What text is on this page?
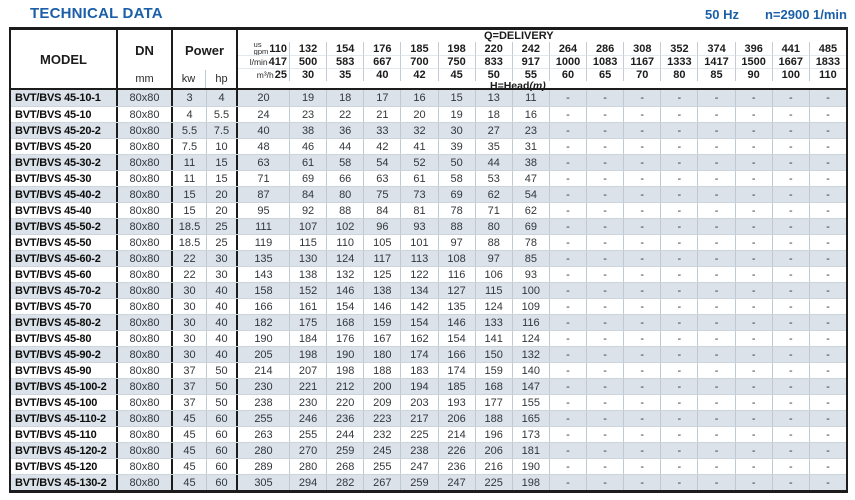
TECHNICAL DATA	50 Hz n=2900 1/min
MODEL
DN
mm
Power
kw	hp
Q=DELIVERY
us
gpm 110 132 154 176 185 198 220 242 264 286 308 352 374 396 441 485
l/min 417 500 583 667 700 750 833 917 1000 1083 1167 1333 1417 1500 1667 1833
m³/h 25 30 35 40 42 45 50 55 60 65 70 80 85 90 100 110
H=Head(m)
BVT/BVS 45-10-1	80x80	3	4	20	19	18	17	16	15	13	11	-	-	-	-	-	-	-	-
BVT/BVS 45-10	80x80	4	5.5	24	23	22	21	20	19	18	16	-	-	-	-	-	-	-	-
BVT/BVS 45-20-2	80x80	5.5	7.5	40	38	36	33	32	30	27	23	-	-	-	-	-	-	-	-
BVT/BVS 45-20	80x80	7.5	10	48	46	44	42	41	39	35	31	-	-	-	-	-	-	-	-
BVT/BVS 45-30-2	80x80	11	15	63	61	58	54	52	50	44	38	-	-	-	-	-	-	-	-
BVT/BVS 45-30	80x80	11	15	71	69	66	63	61	58	53	47	-	-	-	-	-	-	-	-
BVT/BVS 45-40-2	80x80	15	20	87	84	80	75	73	69	62	54	-	-	-	-	-	-	-	-
BVT/BVS 45-40	80x80	15	20	95	92	88	84	81	78	71	62	-	-	-	-	-	-	-	-
BVT/BVS 45-50-2	80x80	18.5	25	111	107	102	96	93	88	80	69	-	-	-	-	-	-	-	-
BVT/BVS 45-50	80x80	18.5	25	119	115	110	105	101	97	88	78	-	-	-	-	-	-	-	-
BVT/BVS 45-60-2	80x80	22	30	135	130	124	117	113	108	97	85	-	-	-	-	-	-	-	-
BVT/BVS 45-60	80x80	22	30	143	138	132	125	122	116	106	93	-	-	-	-	-	-	-	-
BVT/BVS 45-70-2	80x80	30	40	158	152	146	138	134	127	115	100	-	-	-	-	-	-	-	-
BVT/BVS 45-70	80x80	30	40	166	161	154	146	142	135	124	109	-	-	-	-	-	-	-	-
BVT/BVS 45-80-2	80x80	30	40	182	175	168	159	154	146	133	116	-	-	-	-	-	-	-	-
BVT/BVS 45-80	80x80	30	40	190	184	176	167	162	154	141	124	-	-	-	-	-	-	-	-
BVT/BVS 45-90-2	80x80	30	40	205	198	190	180	174	166	150	132	-	-	-	-	-	-	-	-
BVT/BVS 45-90	80x80	37	50	214	207	198	188	183	174	159	140	-	-	-	-	-	-	-	-
BVT/BVS 45-100-2	80x80	37	50	230	221	212	200	194	185	168	147	-	-	-	-	-	-	-	-
BVT/BVS 45-100	80x80	37	50	238	230	220	209	203	193	177	155	-	-	-	-	-	-	-	-
BVT/BVS 45-110-2	80x80	45	60	255	246	236	223	217	206	188	165	-	-	-	-	-	-	-	-
BVT/BVS 45-110	80x80	45	60	263	255	244	232	225	214	196	173	-	-	-	-	-	-	-	-
BVT/BVS 45-120-2	80x80	45	60	280	270	259	245	238	226	206	181	-	-	-	-	-	-	-	-
BVT/BVS 45-120	80x80	45	60	289	280	268	255	247	236	216	190	-	-	-	-	-	-	-	-
BVT/BVS 45-130-2	80x80	45	60	305	294	282	267	259	247	225	198	-	-	-	-	-	-	-	-
